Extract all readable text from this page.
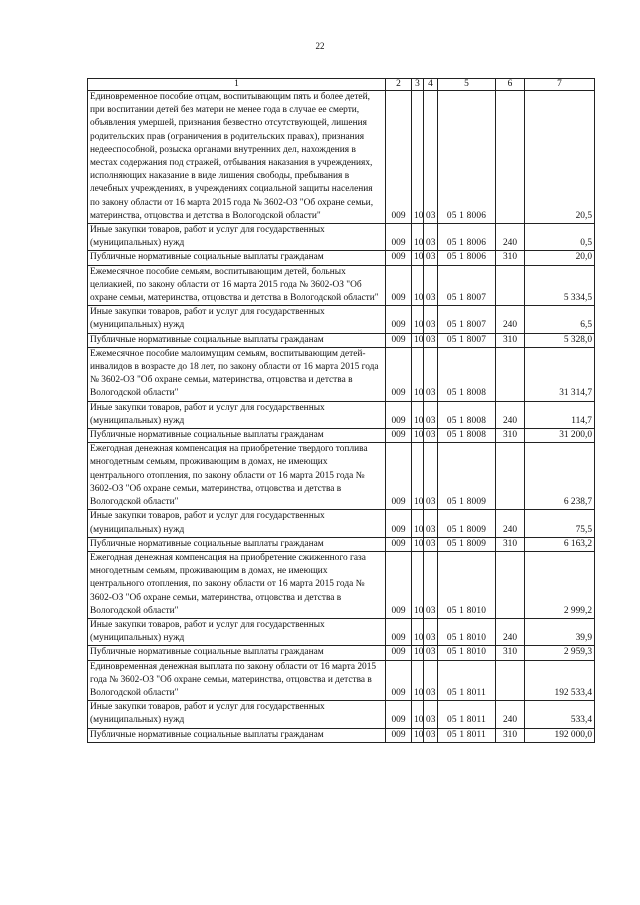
22
1	2	3	4	5	6	7
Единовременное пособие отцам, воспитывающим пять и более детей, при воспитании детей без матери не менее года в случае ее смерти, объявления умершей, признания безвестно отсутствующей, лишения родительских прав (ограничения в родительских правах), признания недееспособной, розыска органами внутренних дел, нахождения в местах содержания под стражей, отбывания наказания в учреждениях, исполняющих наказание в виде лишения свободы, пребывания в лечебных учреждениях, в учреждениях социальной защиты населения по закону области от 16 марта 2015 года № 3602-ОЗ "Об охране семьи, материнства, отцовства и детства в Вологодской области"	009	10	03	05 1 8006		20,5
Иные закупки товаров, работ и услуг для государственных (муниципальных) нужд	009	10	03	05 1 8006	240	0,5
Публичные нормативные социальные выплаты гражданам	009	10	03	05 1 8006	310	20,0
Ежемесячное пособие семьям, воспитывающим детей, больных целиакией, по закону области от 16 марта 2015 года № 3602-ОЗ "Об охране семьи, материнства, отцовства и детства в Вологодской области"	009	10	03	05 1 8007		5 334,5
Иные закупки товаров, работ и услуг для государственных (муниципальных) нужд	009	10	03	05 1 8007	240	6,5
Публичные нормативные социальные выплаты гражданам	009	10	03	05 1 8007	310	5 328,0
Ежемесячное пособие малоимущим семьям, воспитывающим детей-инвалидов в возрасте до 18 лет, по закону области от 16 марта 2015 года № 3602-ОЗ "Об охране семьи, материнства, отцовства и детства в Вологодской области"	009	10	03	05 1 8008		31 314,7
Иные закупки товаров, работ и услуг для государственных (муниципальных) нужд	009	10	03	05 1 8008	240	114,7
Публичные нормативные социальные выплаты гражданам	009	10	03	05 1 8008	310	31 200,0
Ежегодная денежная компенсация на приобретение твердого топлива многодетным семьям, проживающим в домах, не имеющих центрального отопления, по закону области от 16 марта 2015 года № 3602-ОЗ "Об охране семьи, материнства, отцовства и детства в Вологодской области"	009	10	03	05 1 8009		6 238,7
Иные закупки товаров, работ и услуг для государственных (муниципальных) нужд	009	10	03	05 1 8009	240	75,5
Публичные нормативные социальные выплаты гражданам	009	10	03	05 1 8009	310	6 163,2
Ежегодная денежная компенсация на приобретение сжиженного газа многодетным семьям, проживающим в домах, не имеющих центрального отопления, по закону области от 16 марта 2015 года № 3602-ОЗ "Об охране семьи, материнства, отцовства и детства в Вологодской области"	009	10	03	05 1 8010		2 999,2
Иные закупки товаров, работ и услуг для государственных (муниципальных) нужд	009	10	03	05 1 8010	240	39,9
Публичные нормативные социальные выплаты гражданам	009	10	03	05 1 8010	310	2 959,3
Единовременная денежная выплата по закону области от 16 марта 2015 года № 3602-ОЗ "Об охране семьи, материнства, отцовства и детства в Вологодской области"	009	10	03	05 1 8011		192 533,4
Иные закупки товаров, работ и услуг для государственных (муниципальных) нужд	009	10	03	05 1 8011	240	533,4
Публичные нормативные социальные выплаты гражданам	009	10	03	05 1 8011	310	192 000,0
